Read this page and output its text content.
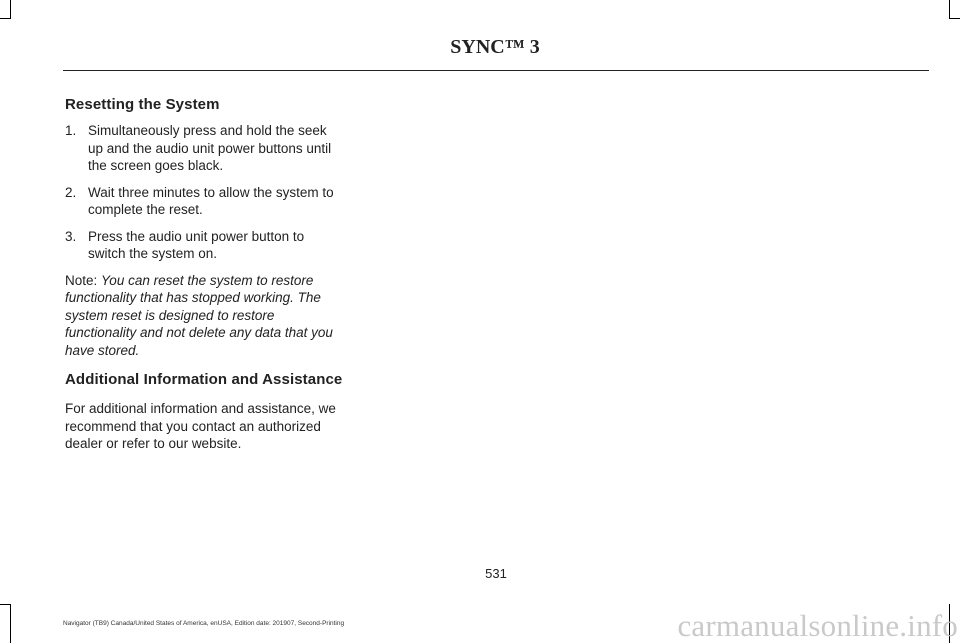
SYNC™ 3
Resetting the System
1. Simultaneously press and hold the seek up and the audio unit power buttons until the screen goes black.
2. Wait three minutes to allow the system to complete the reset.
3. Press the audio unit power button to switch the system on.

Note: You can reset the system to restore functionality that has stopped working. The system reset is designed to restore functionality and not delete any data that you have stored.

Additional Information and Assistance

For additional information and assistance, we recommend that you contact an authorized dealer or refer to our website.

531
Navigator (TB9) Canada/United States of America, enUSA, Edition date: 201907, Second-Printing	carmanualsonline.info
